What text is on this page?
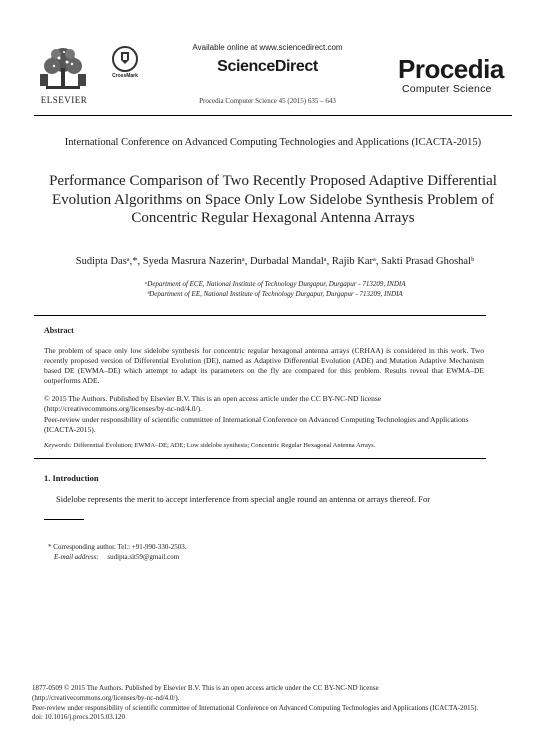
ELSEVIER
CrossMark
Available online at www.sciencedirect.com
ScienceDirect
Procedia Computer Science 45 (2015) 635 – 643
Procedia
Computer Science
International Conference on Advanced Computing Technologies and Applications (ICACTA-2015)
Performance Comparison of Two Recently Proposed Adaptive Differential Evolution Algorithms on Space Only Low Sidelobe Synthesis Problem of Concentric Regular Hexagonal Antenna Arrays
Sudipta Dasᵃ,*, Syeda Masrura Nazerinᵃ, Durbadal Mandalᵃ, Rajib Karᵃ, Sakti Prasad Ghoshalᵇ
ᵃDepartment of ECE, National Institute of Technology Durgapur, Durgapur - 713209, INDIA
ᵇDepartment of EE, National Institute of Technology Durgapur, Durgapur - 713209, INDIA
Abstract
The problem of space only low sidelobe synthesis for concentric regular hexagonal antenna arrays (CRHAA) is considered in this work. Two recently proposed version of Differential Evolution (DE), named as Adaptive Differential Evolution (ADE) and Mutation Adaptive Mechanism based DE (EWMA–DE) which attempt to adapt its parameters on the fly are compared for this problem. Results reveal that EWMA–DE outperforms ADE.
© 2015 The Authors. Published by Elsevier B.V. This is an open access article under the CC BY-NC-ND license
(http://creativecommons.org/licenses/by-nc-nd/4.0/).
Peer-review under responsibility of scientific committee of International Conference on Advanced Computing Technologies and Applications (ICACTA-2015).
Keywords: Differential Evolution; EWMA–DE; ADE; Low sidelobe synthesis; Concentric Regular Hexagonal Antenna Arrays.
1. Introduction
Sidelobe represents the merit to accept interference from special angle round an antenna or arrays thereof. For
* Corresponding author. Tel.: +91-990-330-2503.
E-mail address: sudipta.sit59@gmail.com
1877-0509 © 2015 The Authors. Published by Elsevier B.V. This is an open access article under the CC BY-NC-ND license
(http://creativecommons.org/licenses/by-nc-nd/4.0/).
Peer-review under responsibility of scientific committee of International Conference on Advanced Computing Technologies and Applications (ICACTA-2015).
doi: 10.1016/j.procs.2015.03.120
